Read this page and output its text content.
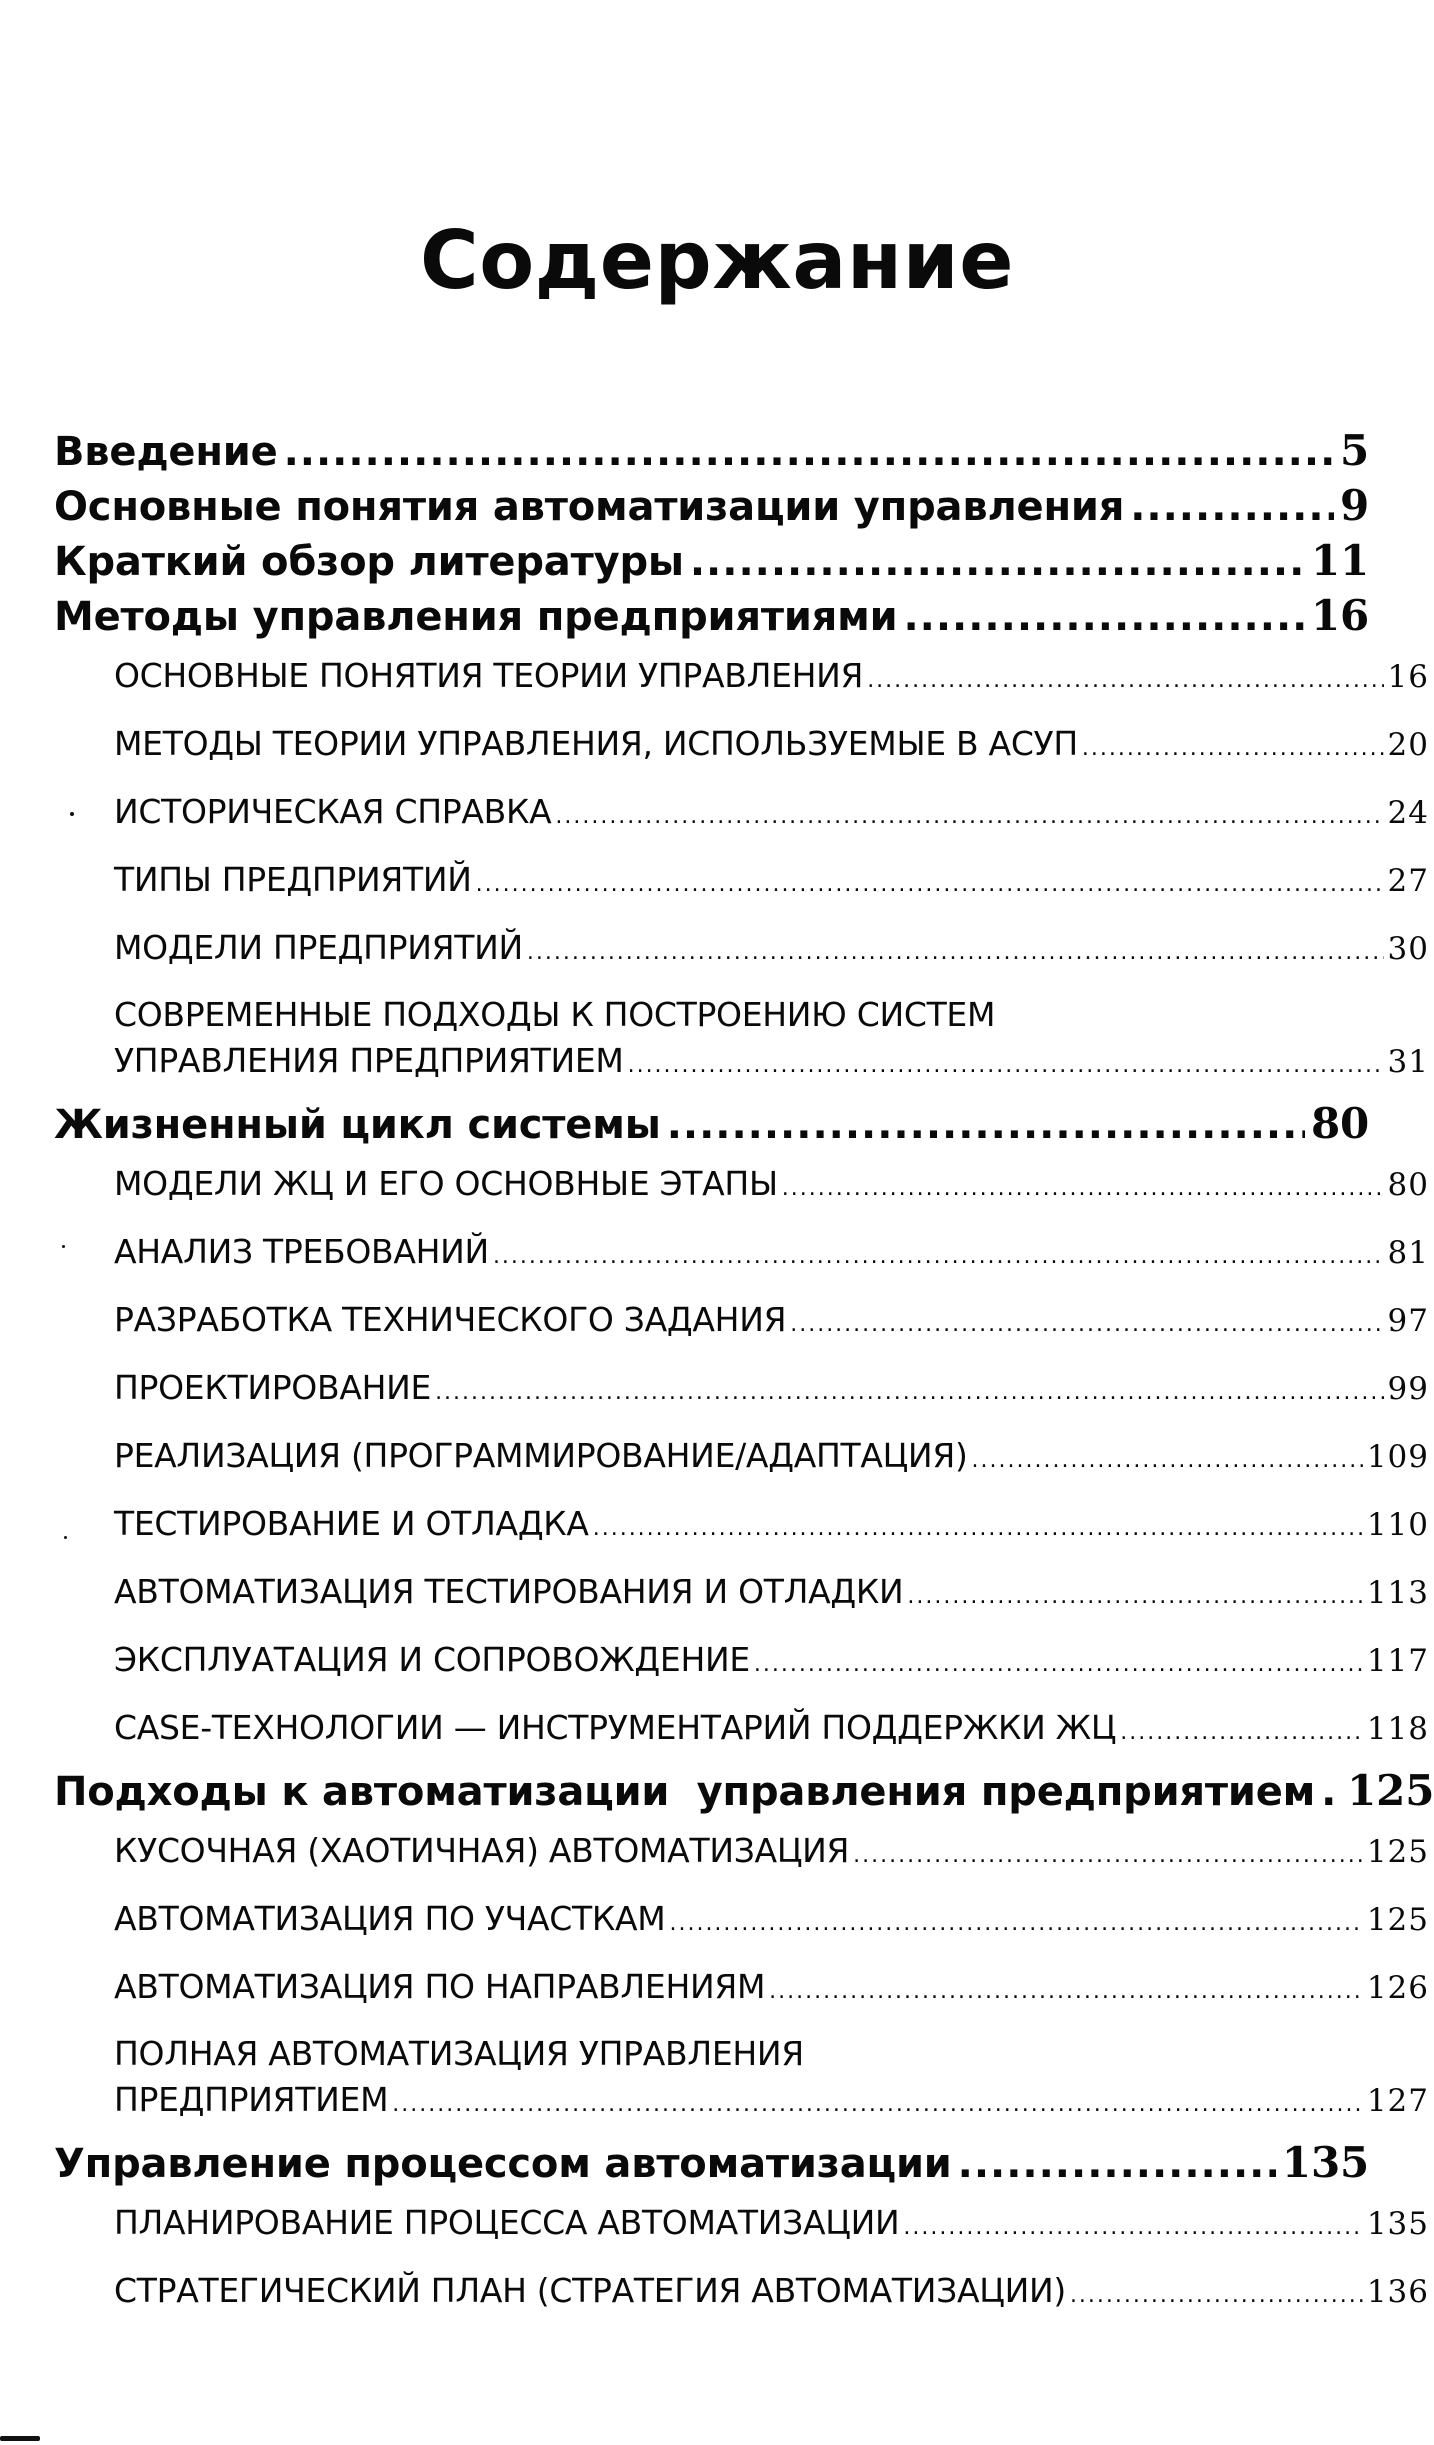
Содержание
Введение .....	5
Основные понятия автоматизации управления .....	9
Краткий обзор литературы .....	11
Методы управления предприятиями .....	16
ОСНОВНЫЕ ПОНЯТИЯ ТЕОРИИ УПРАВЛЕНИЯ .....	16
МЕТОДЫ ТЕОРИИ УПРАВЛЕНИЯ, ИСПОЛЬЗУЕМЫЕ В АСУП .....	20
ИСТОРИЧЕСКАЯ СПРАВКА .....	24
ТИПЫ ПРЕДПРИЯТИЙ .....	27
МОДЕЛИ ПРЕДПРИЯТИЙ .....	30
СОВРЕМЕННЫЕ ПОДХОДЫ К ПОСТРОЕНИЮ СИСТЕМ
УПРАВЛЕНИЯ ПРЕДПРИЯТИЕМ .....	31
Жизненный цикл системы .....	80
МОДЕЛИ ЖЦ И ЕГО ОСНОВНЫЕ ЭТАПЫ .....	80
АНАЛИЗ ТРЕБОВАНИЙ .....	81
РАЗРАБОТКА ТЕХНИЧЕСКОГО ЗАДАНИЯ .....	97
ПРОЕКТИРОВАНИЕ .....	99
РЕАЛИЗАЦИЯ (ПРОГРАММИРОВАНИЕ/АДАПТАЦИЯ) .....	109
ТЕСТИРОВАНИЕ И ОТЛАДКА .....	110
АВТОМАТИЗАЦИЯ ТЕСТИРОВАНИЯ И ОТЛАДКИ .....	113
ЭКСПЛУАТАЦИЯ И СОПРОВОЖДЕНИЕ .....	117
CASE-ТЕХНОЛОГИИ — ИНСТРУМЕНТАРИЙ ПОДДЕРЖКИ ЖЦ .....	118
Подходы к автоматизации  управления предприятием ..... 125
КУСОЧНАЯ (ХАОТИЧНАЯ) АВТОМАТИЗАЦИЯ .....	125
АВТОМАТИЗАЦИЯ ПО УЧАСТКАМ .....	125
АВТОМАТИЗАЦИЯ ПО НАПРАВЛЕНИЯМ .....	126
ПОЛНАЯ АВТОМАТИЗАЦИЯ УПРАВЛЕНИЯ
ПРЕДПРИЯТИЕМ .....	127
Управление процессом автоматизации .....	135
ПЛАНИРОВАНИЕ ПРОЦЕССА АВТОМАТИЗАЦИИ .....	135
СТРАТЕГИЧЕСКИЙ ПЛАН (СТРАТЕГИЯ АВТОМАТИЗАЦИИ) .....	136
